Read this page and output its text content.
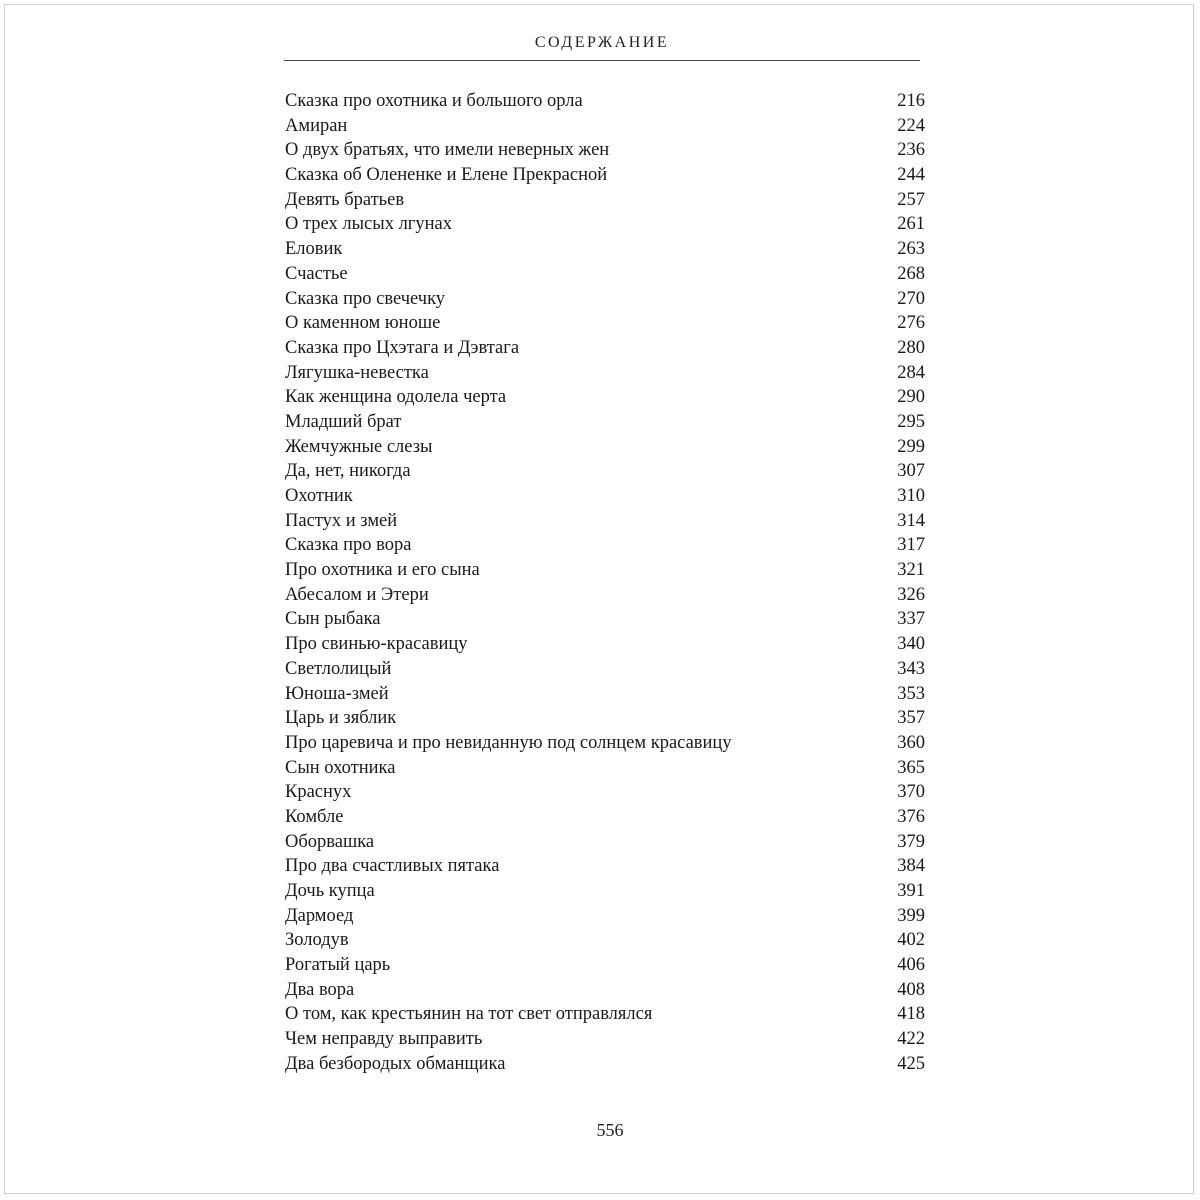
СОДЕРЖАНИЕ
Сказка про охотника и большого орла	216
Амиран	224
О двух братьях, что имели неверных жен	236
Сказка об Олененке и Елене Прекрасной	244
Девять братьев	257
О трех лысых лгунах	261
Еловик	263
Счастье	268
Сказка про свечечку	270
О каменном юноше	276
Сказка про Цхэтага и Дэвтага	280
Лягушка-невестка	284
Как женщина одолела черта	290
Младший брат	295
Жемчужные слезы	299
Да, нет, никогда	307
Охотник	310
Пастух и змей	314
Сказка про вора	317
Про охотника и его сына	321
Абесалом и Этери	326
Сын рыбака	337
Про свинью-красавицу	340
Светлолицый	343
Юноша-змей	353
Царь и зяблик	357
Про царевича и про невиданную под солнцем красавицу	360
Сын охотника	365
Краснух	370
Комбле	376
Оборвашка	379
Про два счастливых пятака	384
Дочь купца	391
Дармоед	399
Золодув	402
Рогатый царь	406
Два вора	408
О том, как крестьянин на тот свет отправлялся	418
Чем неправду выправить	422
Два безбородых обманщика	425
556
